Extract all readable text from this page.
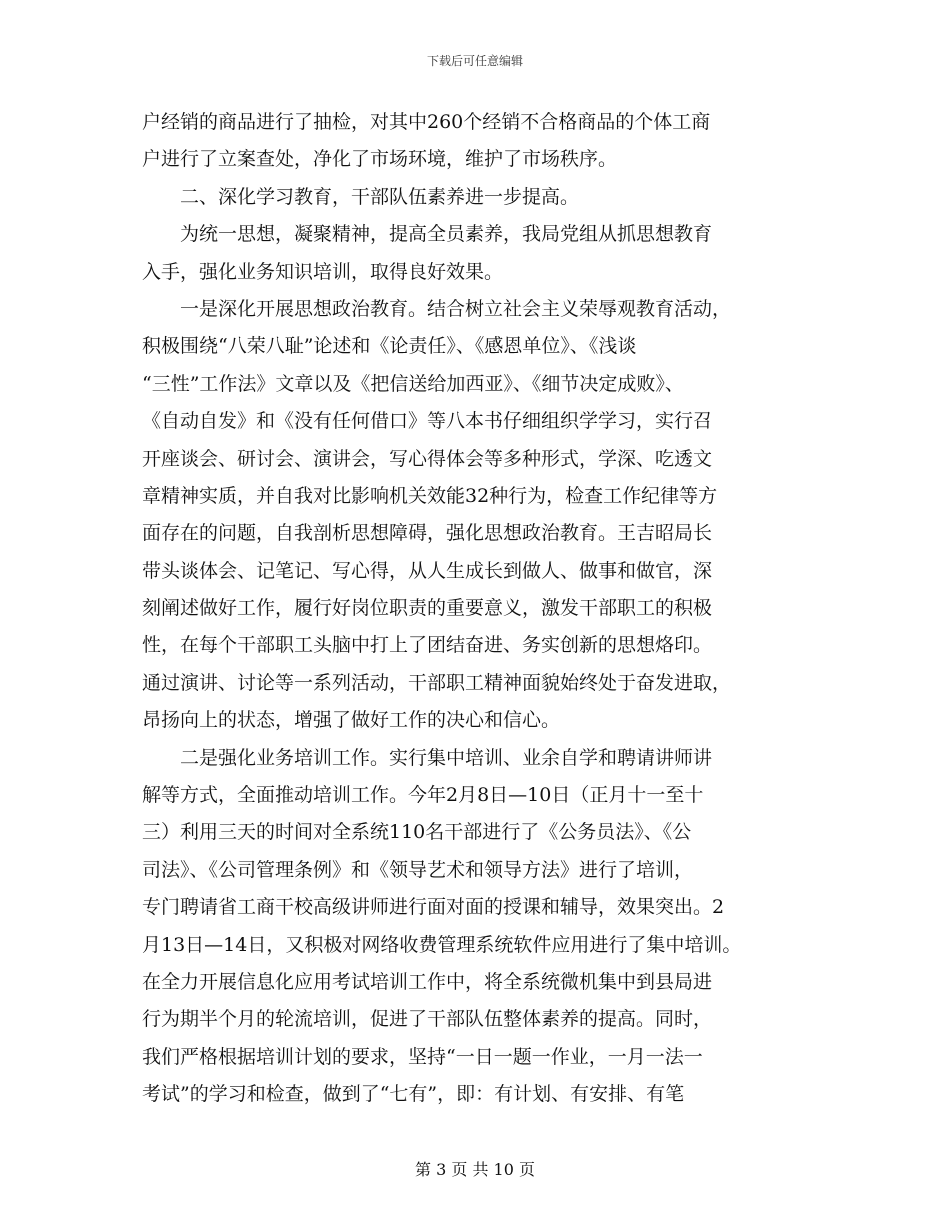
下载后可任意编辑
户经销的商品进行了抽检，对其中260个经销不合格商品的个体工商
户进行了立案查处，净化了市场环境，维护了市场秩序。
　　二、深化学习教育，干部队伍素养进一步提高。
　　为统一思想，凝聚精神，提高全员素养，我局党组从抓思想教育
入手，强化业务知识培训，取得良好效果。
　　一是深化开展思想政治教育。结合树立社会主义荣辱观教育活动，
积极围绕“八荣八耻”论述和《论责任》、《感恩单位》、《浅谈
“三性”工作法》文章以及《把信送给加西亚》、《细节决定成败》、
《自动自发》和《没有任何借口》等八本书仔细组织学学习，实行召
开座谈会、研讨会、演讲会，写心得体会等多种形式，学深、吃透文
章精神实质，并自我对比影响机关效能32种行为，检查工作纪律等方
面存在的问题，自我剖析思想障碍，强化思想政治教育。王吉昭局长
带头谈体会、记笔记、写心得，从人生成长到做人、做事和做官，深
刻阐述做好工作，履行好岗位职责的重要意义，激发干部职工的积极
性，在每个干部职工头脑中打上了团结奋进、务实创新的思想烙印。
通过演讲、讨论等一系列活动，干部职工精神面貌始终处于奋发进取，
昂扬向上的状态，增强了做好工作的决心和信心。
　　二是强化业务培训工作。实行集中培训、业余自学和聘请讲师讲
解等方式，全面推动培训工作。今年2月8日—10日（正月十一至十
三）利用三天的时间对全系统110名干部进行了《公务员法》、《公
司法》、《公司管理条例》和《领导艺术和领导方法》进行了培训，
专门聘请省工商干校高级讲师进行面对面的授课和辅导，效果突出。2
月13日—14日，又积极对网络收费管理系统软件应用进行了集中培训。
在全力开展信息化应用考试培训工作中，将全系统微机集中到县局进
行为期半个月的轮流培训，促进了干部队伍整体素养的提高。同时，
我们严格根据培训计划的要求，坚持“一日一题一作业，一月一法一
考试”的学习和检查，做到了“七有”，即：有计划、有安排、有笔
第 3 页 共 10 页
